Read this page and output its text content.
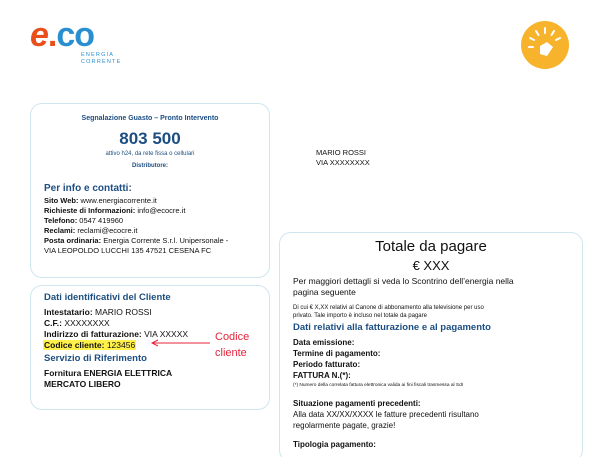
e.co
ENERGIA
CORRENTE
Segnalazione Guasto – Pronto Intervento
803 500
attivo h24, da rete fissa o cellulari
Distributore:
Per info e contatti:
Sito Web: www.energiacorrente.it
Richieste di Informazioni: info@ecocre.it
Telefono: 0547 419960
Reclami: reclami@ecocre.it
Posta ordinaria: Energia Corrente S.r.l. Unipersonale -
VIA LEOPOLDO LUCCHI 135 47521 CESENA FC
MARIO ROSSI
VIA XXXXXXXX
Dati identificativi del Cliente
Intestatario: MARIO ROSSI
C.F.: XXXXXXXX
Indirizzo di fatturazione: VIA XXXXX
Codice cliente: 123456
Servizio di Riferimento
Fornitura ENERGIA ELETTRICA
MERCATO LIBERO
Codice
cliente
Totale da pagare
€ XXX
Per maggiori dettagli si veda lo Scontrino dell’energia nella
pagina seguente
Di cui € X,XX relativi al Canone di abbonamento alla televisione per uso
privato. Tale importo è incluso nel totale da pagare
Dati relativi alla fatturazione e al pagamento
Data emissione:
Termine di pagamento:
Periodo fatturato:
FATTURA N.(*):
(*) Numero della correlata fattura elettronica valida ai fini fiscali trasmessa al SdI
Situazione pagamenti precedenti:
Alla data XX/XX/XXXX le fatture precedenti risultano
regolarmente pagate, grazie!
Tipologia pagamento:
